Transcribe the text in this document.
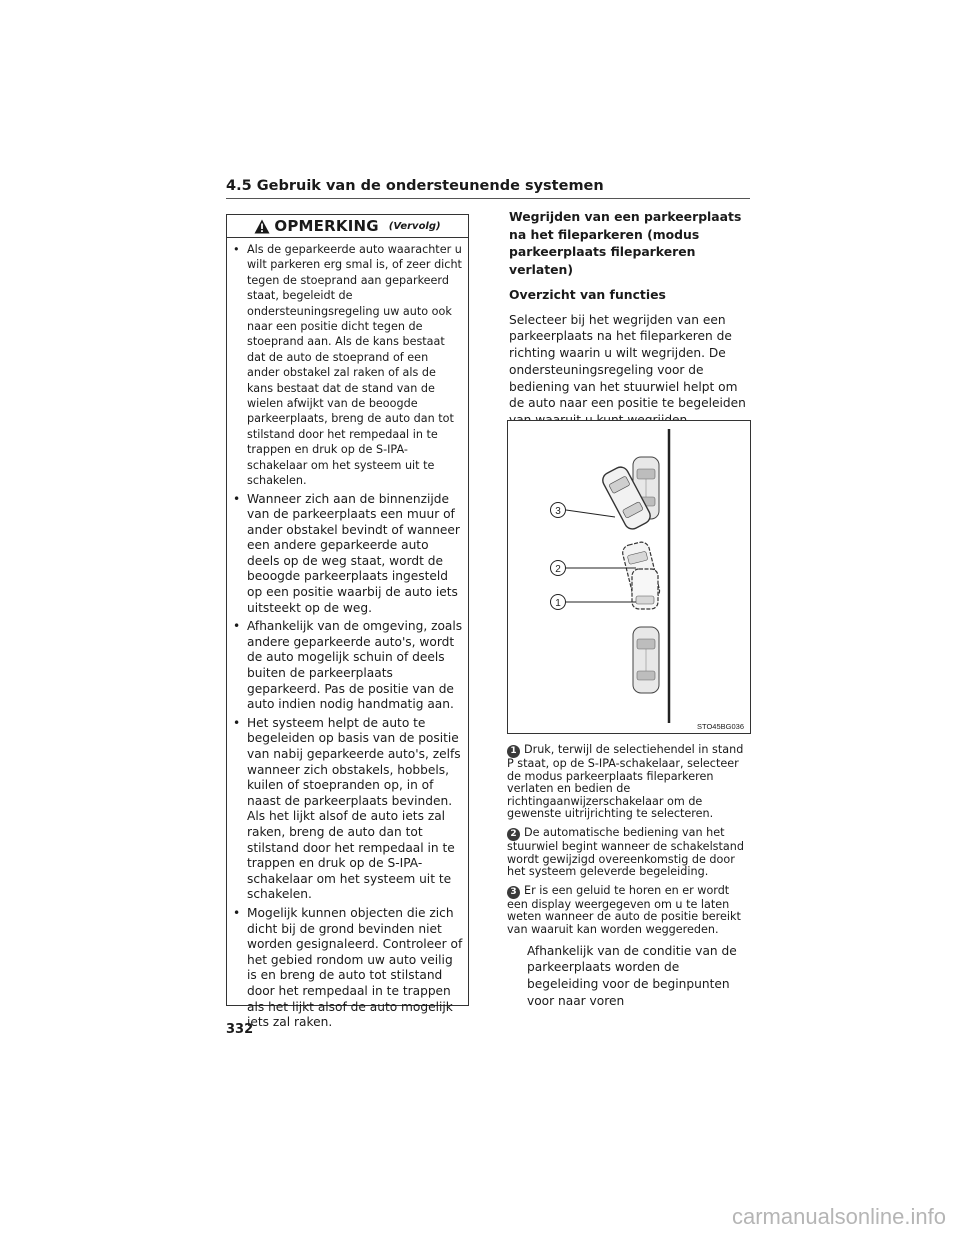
4.5 Gebruik van de ondersteunende systemen
OPMERKING (Vervolg)

• Als de geparkeerde auto waarachter u wilt parkeren erg smal is, of zeer dicht tegen de stoeprand aan geparkeerd staat, begeleidt de ondersteuningsregeling uw auto ook naar een positie dicht tegen de stoeprand aan. Als de kans bestaat dat de auto de stoeprand of een ander obstakel zal raken of als de kans bestaat dat de stand van de wielen afwijkt van de beoogde parkeerplaats, breng de auto dan tot stilstand door het rempedaal in te trappen en druk op de S-IPA-schakelaar om het systeem uit te schakelen.

• Wanneer zich aan de binnenzijde van de parkeerplaats een muur of ander obstakel bevindt of wanneer een andere geparkeerde auto deels op de weg staat, wordt de beoogde parkeerplaats ingesteld op een positie waarbij de auto iets uitsteekt op de weg.

• Afhankelijk van de omgeving, zoals andere geparkeerde auto's, wordt de auto mogelijk schuin of deels buiten de parkeerplaats geparkeerd. Pas de positie van de auto indien nodig handmatig aan.

• Het systeem helpt de auto te begeleiden op basis van de positie van nabij geparkeerde auto's, zelfs wanneer zich obstakels, hobbels, kuilen of stoepranden op, in of naast de parkeerplaats bevinden. Als het lijkt alsof de auto iets zal raken, breng de auto dan tot stilstand door het rempedaal in te trappen en druk op de S-IPA-schakelaar om het systeem uit te schakelen.

• Mogelijk kunnen objecten die zich dicht bij de grond bevinden niet worden gesignaleerd. Controleer of het gebied rondom uw auto veilig is en breng de auto tot stilstand door het rempedaal in te trappen als het lijkt alsof de auto mogelijk iets zal raken.

Wegrijden van een parkeerplaats na het fileparkeren (modus parkeerplaats fileparkeren verlaten)

Overzicht van functies

Selecteer bij het wegrijden van een parkeerplaats na het fileparkeren de richting waarin u wilt wegrijden. De ondersteuningsregeling voor de bediening van het stuurwiel helpt om de auto naar een positie te begeleiden

3
2
1
STO45BG036

1 Druk, terwijl de selectiehendel in stand P staat, op de S-IPA-schakelaar, selecteer de modus parkeerplaats fileparkeren verlaten en bedien de richtingaanwijzerschakelaar om de gewenste uitrijrichting te selecteren.

2 De automatische bediening van het stuurwiel begint wanneer de schakelstand wordt gewijzigd overeenkomstig de door het systeem geleverde begeleiding.

3 Er is een geluid te horen en er wordt een display weergegeven om u te laten weten wanneer de auto de positie bereikt van waaruit kan worden weggereden.

Afhankelijk van de conditie van de parkeerplaats worden de begeleiding voor de beginpunten voor naar voren

332
carmanualsonline.info
